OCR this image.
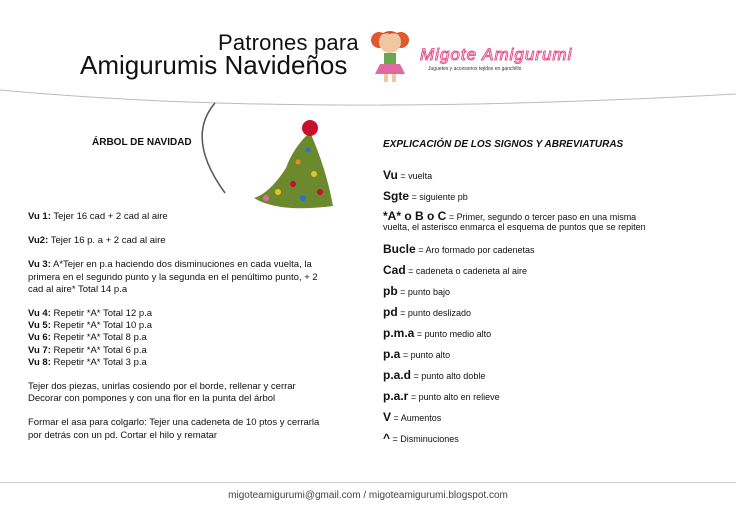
Patrones para
Amigurumis Navideños	Migote Amigurumi
Juguetes y accesorios tejidos en ganchillo
ÁRBOL DE NAVIDAD
Vu 1: Tejer 16 cad + 2 cad al aire
Vu2: Tejer 16 p. a + 2 cad al aire
Vu 3: A*Tejer en p.a haciendo dos disminuciones en cada vuelta, la
primera en el segundo punto y la segunda en el penúltimo punto, + 2
cad al aire* Total 14 p.a
Vu 4: Repetir *A* Total 12 p.a
Vu 5: Repetir *A* Total 10 p.a
Vu 6: Repetir *A* Total 8 p.a
Vu 7: Repetir *A* Total 6 p.a
Vu 8: Repetir *A* Total 3 p.a
Tejer dos piezas, unirlas cosiendo por el borde, rellenar y cerrar
Decorar con pompones y con una flor en la punta del árbol
Formar el asa para colgarlo: Tejer una cadeneta de 10 ptos y cerrarla
por detrás con un pd. Cortar el hilo y rematar
EXPLICACIÓN DE LOS SIGNOS Y ABREVIATURAS
Vu = vuelta
Sgte = siguiente pb
*A* o B o C = Primer, segundo o tercer paso en una misma
vuelta, el asterisco enmarca el esquema de puntos que se repiten
Bucle = Aro formado por cadenetas
Cad = cadeneta o cadeneta al aire
pb = punto bajo
pd = punto deslizado
p.m.a = punto medio alto
p.a = punto alto
p.a.d = punto alto doble
p.a.r = punto alto en relieve
V = Aumentos
^ = Disminuciones
migoteamigurumi@gmail.com / migoteamigurumi.blogspot.com
